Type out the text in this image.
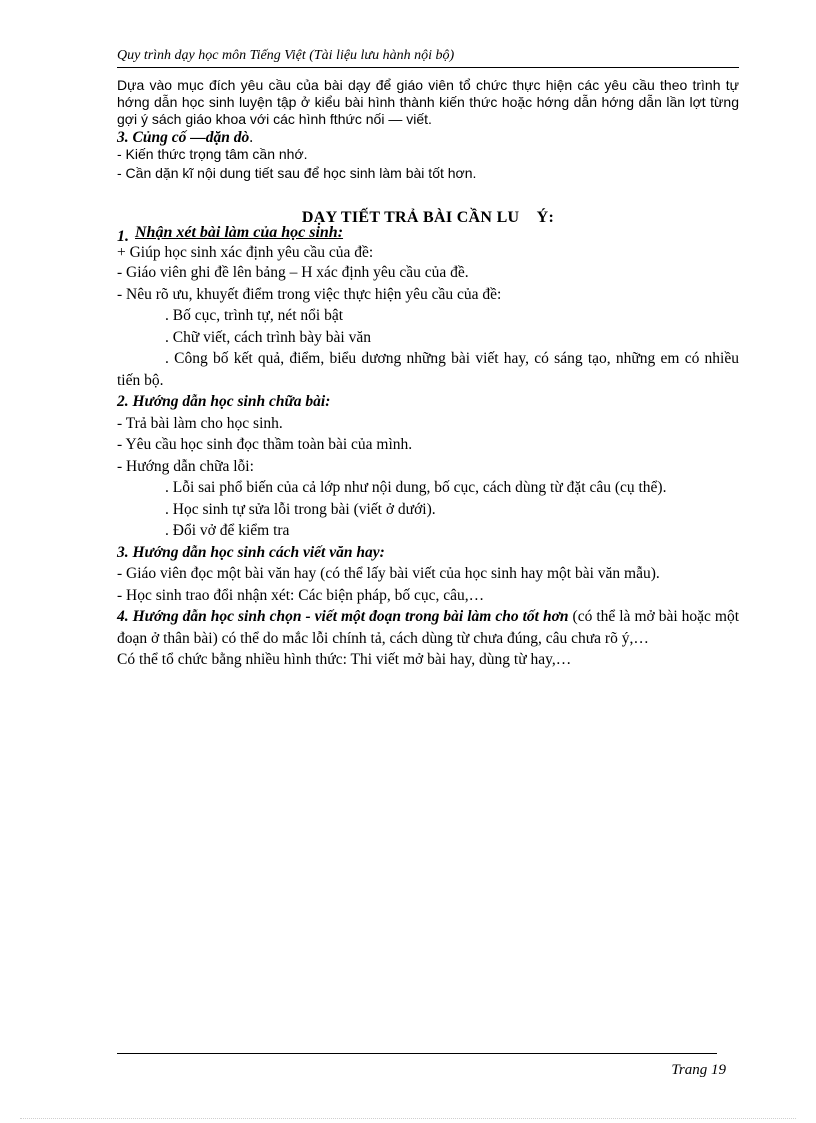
Quy trình dạy học môn Tiếng Việt (Tài liệu lưu hành nội bộ)

Dựa vào mục đích yêu cầu của bài dạy để giáo viên tổ chức thực hiện các yêu cầu theo trình tự hớng dẫn học sinh luyện tập ở kiểu bài hình thành kiến thức hoặc hớng dẫn hớng dẫn lần lợt từng gợi ý sách giáo khoa với các hình fthức nối — viết.

3. Củng cố —dặn dò.

- Kiến thức trọng tâm cần nhớ.

- Cần dặn kĩ nội dung tiết sau để học sinh làm bài tốt hơn.

DẠY TIẾT TRẢ BÀI CẦN LU    Ý:
1. Nhận xét bài làm của học sinh:

+ Giúp học sinh xác định yêu cầu của đề:

- Giáo viên ghi đề lên bảng – H xác định yêu cầu của đề.

- Nêu rõ ưu, khuyết điểm trong việc thực hiện yêu cầu của đề:

. Bố cục, trình tự, nét nổi bật

. Chữ viết, cách trình bày bài văn

. Công bố kết quả, điểm, biểu dương những bài viết hay, có sáng tạo, những em có nhiều tiến bộ.

2. Hướng dẫn học sinh chữa bài:

- Trả bài làm cho học sinh.

- Yêu cầu học sinh đọc thầm toàn bài của mình.

- Hướng dẫn chữa lỗi:

. Lỗi sai phổ biến của cả lớp như nội dung, bố cục, cách dùng từ đặt câu (cụ thể).

. Học sinh tự sửa lỗi trong bài (viết ở dưới).

. Đổi vở để kiểm tra

3. Hướng dẫn học sinh cách viết văn hay:

- Giáo viên đọc một bài văn hay (có thể lấy bài viết của học sinh hay một bài văn mẫu).

- Học sinh trao đổi nhận xét: Các biện pháp, bố cục, câu,…

4. Hướng dẫn học sinh chọn - viết một đoạn trong bài làm cho tốt hơn (có thể là mở bài hoặc một đoạn ở thân bài) có thể do mắc lỗi chính tả, cách dùng từ chưa đúng, câu chưa rõ ý,…

Có thể tổ chức bằng nhiều hình thức: Thi viết mở bài hay, dùng từ hay,…

Trang 19
